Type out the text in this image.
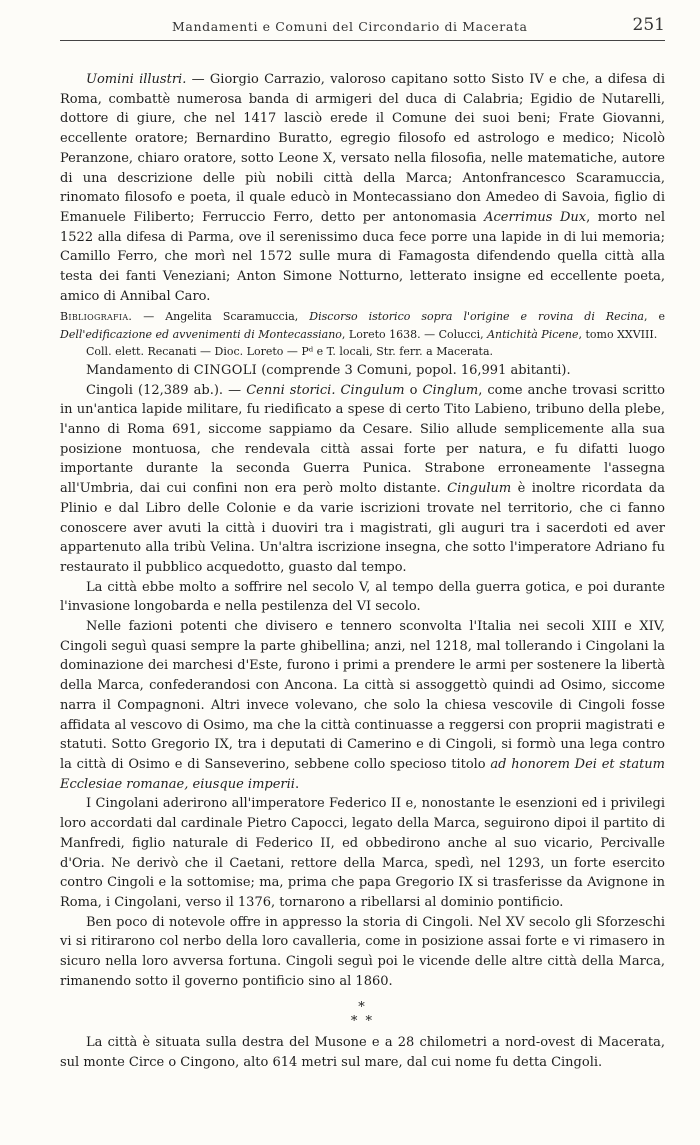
Mandamenti e Comuni del Circondario di Macerata	251

Uomini illustri. — Giorgio Carrazio, valoroso capitano sotto Sisto IV e che, a difesa di Roma, combattè numerosa banda di armigeri del duca di Calabria; Egidio de Nutarelli, dottore di giure, che nel 1417 lasciò erede il Comune dei suoi beni; Frate Giovanni, eccellente oratore; Bernardino Buratto, egregio filosofo ed astrologo e medico; Nicolò Peranzone, chiaro oratore, sotto Leone X, versato nella filosofia, nelle matematiche, autore di una descrizione delle più nobili città della Marca; Antonfrancesco Scaramuccia, rinomato filosofo e poeta, il quale educò in Montecassiano don Amedeo di Savoia, figlio di Emanuele Filiberto; Ferruccio Ferro, detto per antonomasia Acerrimus Dux, morto nel 1522 alla difesa di Parma, ove il serenissimo duca fece porre una lapide in di lui memoria; Camillo Ferro, che morì nel 1572 sulle mura di Famagosta difendendo quella città alla testa dei fanti Veneziani; Anton Simone Notturno, letterato insigne ed eccellente poeta, amico di Annibal Caro.

Bibliografia. — Angelita Scaramuccia, Discorso istorico sopra l'origine e rovina di Recina, e Dell'edificazione ed avvenimenti di Montecassiano, Loreto 1638. — Colucci, Antichità Picene, tomo XXVIII.
Coll. elett. Recanati — Dioc. Loreto — Pᵈ e T. locali, Str. ferr. a Macerata.

Mandamento di CINGOLI (comprende 3 Comuni, popol. 16,991 abitanti).

Cingoli (12,389 ab.). — Cenni storici. Cingulum o Cinglum, come anche trovasi scritto in un'antica lapide militare, fu riedificato a spese di certo Tito Labieno, tribuno della plebe, l'anno di Roma 691, siccome sappiamo da Cesare. Silio allude semplicemente alla sua posizione montuosa, che rendevala città assai forte per natura, e fu difatti luogo importante durante la seconda Guerra Punica. Strabone erroneamente l'assegna all'Umbria, dai cui confini non era però molto distante. Cingulum è inoltre ricordata da Plinio e dal Libro delle Colonie e da varie iscrizioni trovate nel territorio, che ci fanno conoscere aver avuti la città i duoviri tra i magistrati, gli auguri tra i sacerdoti ed aver appartenuto alla tribù Velina. Un'altra iscrizione insegna, che sotto l'imperatore Adriano fu restaurato il pubblico acquedotto, guasto dal tempo.

La città ebbe molto a soffrire nel secolo V, al tempo della guerra gotica, e poi durante l'invasione longobarda e nella pestilenza del VI secolo.

Nelle fazioni potenti che divisero e tennero sconvolta l'Italia nei secoli XIII e XIV, Cingoli seguì quasi sempre la parte ghibellina; anzi, nel 1218, mal tollerando i Cingolani la dominazione dei marchesi d'Este, furono i primi a prendere le armi per sostenere la libertà della Marca, confederandosi con Ancona. La città si assoggettò quindi ad Osimo, siccome narra il Compagnoni. Altri invece volevano, che solo la chiesa vescovile di Cingoli fosse affidata al vescovo di Osimo, ma che la città continuasse a reggersi con proprii magistrati e statuti. Sotto Gregorio IX, tra i deputati di Camerino e di Cingoli, si formò una lega contro la città di Osimo e di Sanseverino, sebbene collo specioso titolo ad honorem Dei et statum Ecclesiae romanae, eiusque imperii.

I Cingolani aderirono all'imperatore Federico II e, nonostante le esenzioni ed i privilegi loro accordati dal cardinale Pietro Capocci, legato della Marca, seguirono dipoi il partito di Manfredi, figlio naturale di Federico II, ed obbedirono anche al suo vicario, Percivalle d'Oria. Ne derivò che il Caetani, rettore della Marca, spedì, nel 1293, un forte esercito contro Cingoli e la sottomise; ma, prima che papa Gregorio IX si trasferisse da Avignone in Roma, i Cingolani, verso il 1376, tornarono a ribellarsi al dominio pontificio.

Ben poco di notevole offre in appresso la storia di Cingoli. Nel XV secolo gli Sforzeschi vi si ritirarono col nerbo della loro cavalleria, come in posizione assai forte e vi rimasero in sicuro nella loro avversa fortuna. Cingoli seguì poi le vicende delle altre città della Marca, rimanendo sotto il governo pontificio sino al 1860.

*
* *

La città è situata sulla destra del Musone e a 28 chilometri a nord-ovest di Macerata, sul monte Circe o Cingono, alto 614 metri sul mare, dal cui nome fu detta Cingoli.
